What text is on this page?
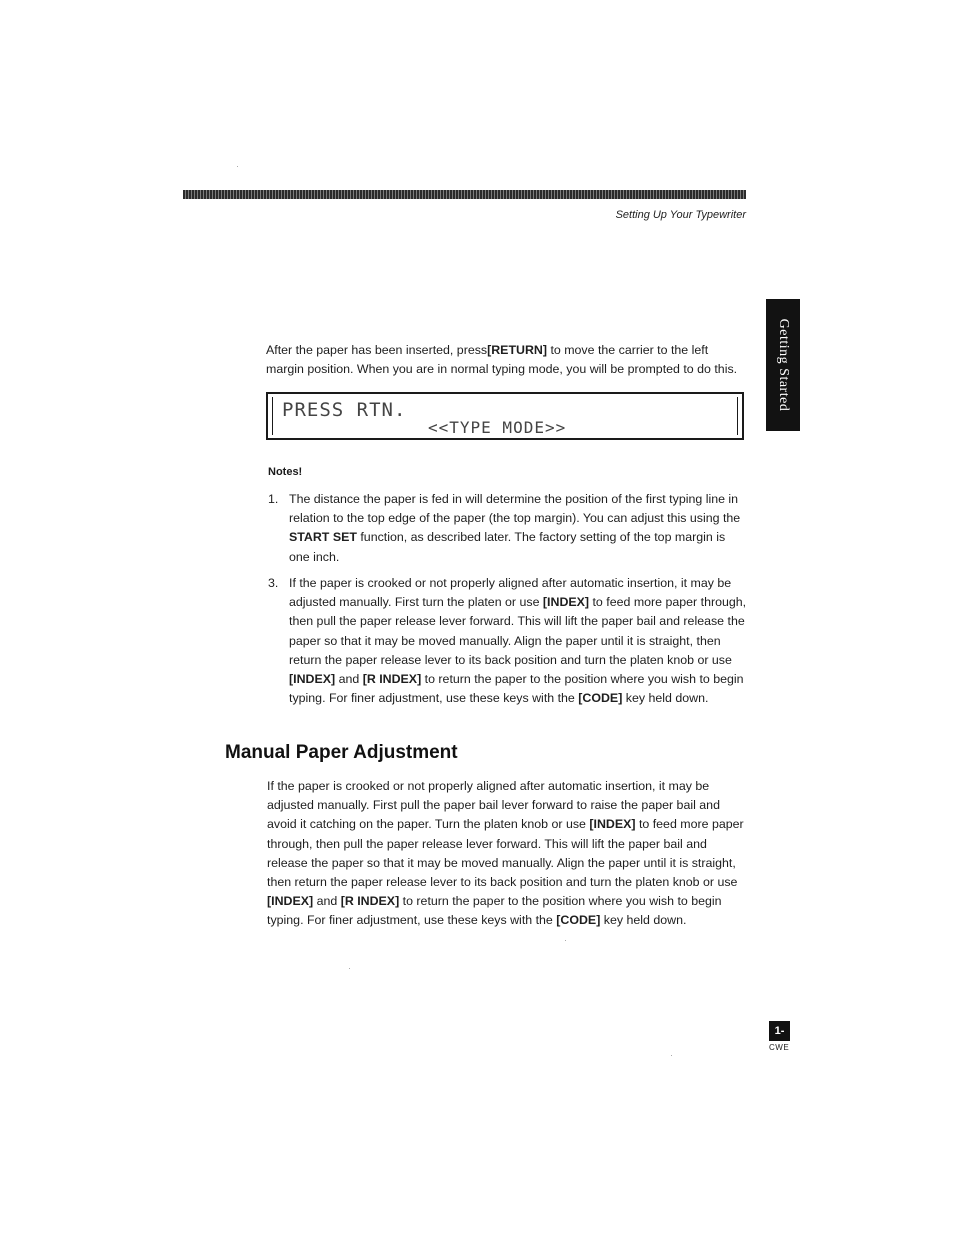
Setting Up Your Typewriter
Getting Started
After the paper has been inserted, press[RETURN] to move the carrier to the left margin position. When you are in normal typing mode, you will be prompted to do this.
PRESS RTN.
<<TYPE MODE>>
Notes!
1. The distance the paper is fed in will determine the position of the first typing line in relation to the top edge of the paper (the top margin). You can adjust this using the START SET function, as described later. The factory setting of the top margin is one inch.
3. If the paper is crooked or not properly aligned after automatic insertion, it may be adjusted manually. First turn the platen or use [INDEX] to feed more paper through, then pull the paper release lever forward. This will lift the paper bail and release the paper so that it may be moved manually. Align the paper until it is straight, then return the paper release lever to its back position and turn the platen knob or use [INDEX] and [R INDEX] to return the paper to the position where you wish to begin typing. For finer adjustment, use these keys with the [CODE] key held down.
Manual Paper Adjustment
If the paper is crooked or not properly aligned after automatic insertion, it may be adjusted manually. First pull the paper bail lever forward to raise the paper bail and avoid it catching on the paper. Turn the platen knob or use [INDEX] to feed more paper through, then pull the paper release lever forward. This will lift the paper bail and release the paper so that it may be moved manually. Align the paper until it is straight, then return the paper release lever to its back position and turn the platen knob or use [INDEX] and [R INDEX] to return the paper to the position where you wish to begin typing. For finer adjustment, use these keys with the [CODE] key held down.
1-
CWE
